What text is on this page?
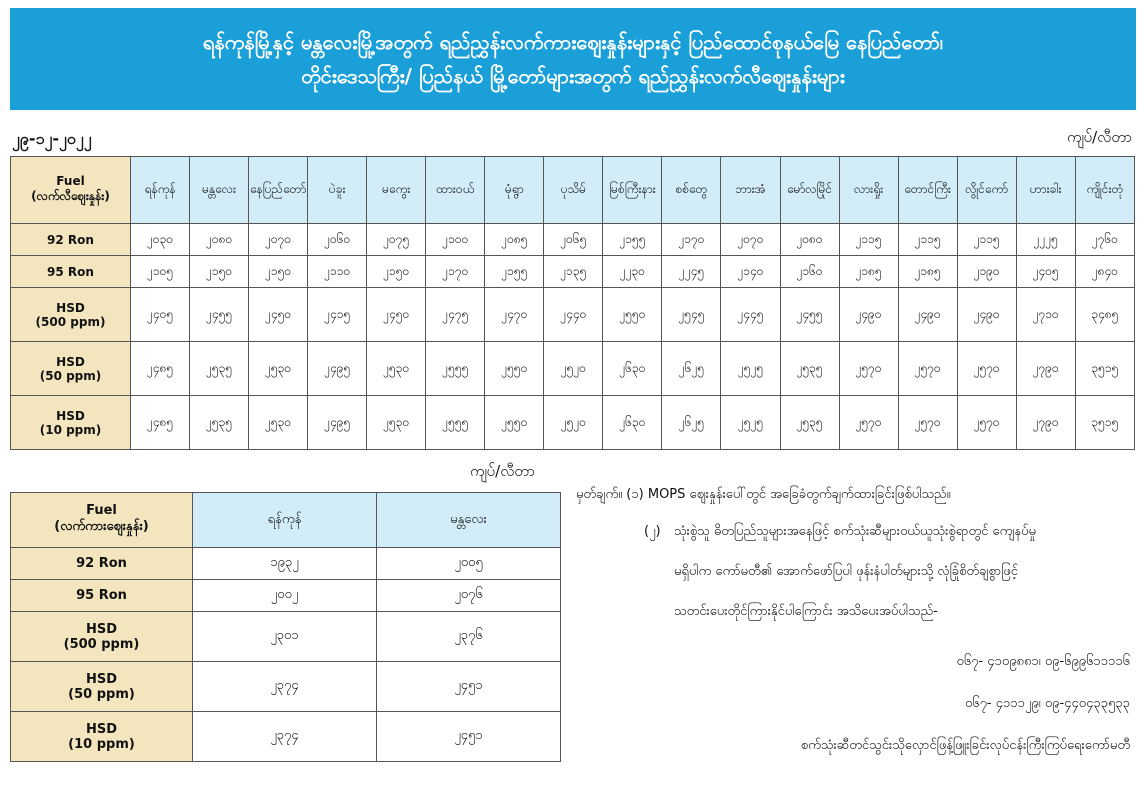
ရန်ကုန်မြို့နှင့် မန္တလေးမြို့အတွက် ရည်ညွှန်းလက်ကားဈေးနှုန်းများနှင့် ပြည်ထောင်စုနယ်မြေ နေပြည်တော်၊
တိုင်းဒေသကြီး/ ပြည်နယ် မြို့တော်များအတွက် ရည်ညွှန်းလက်လီဈေးနှုန်းများ
၂၉-၁၂-၂၀၂၂	ကျပ်/လီတာ
Fuel
(လက်လီဈေးနှုန်း)	ရန်ကုန်	မန္တလေး	နေပြည်တော်	ပဲခူး	မကွေး	ထားဝယ်	မုံရွာ	ပုသိမ်	မြစ်ကြီးနား	စစ်တွေ	ဘားအံ	မော်လမြိုင်	လားရှိုး	တောင်ကြီး	လွိုင်ကော်	ဟားခါး	ကျိုင်းတုံ

92 Ron	၂၀၃၀	၂၀၈၀	၂၀၇၀	၂၀၆၀	၂၀၇၅	၂၁၀၀	၂၀၈၅	၂၀၆၅	၂၁၅၅	၂၁၇၀	၂၀၇၀	၂၀၈၀	၂၁၁၅	၂၁၁၅	၂၁၁၅	၂၂၂၅	၂၇၆၀

95 Ron	၂၁၀၅	၂၁၅၀	၂၁၅၀	၂၁၁၀	၂၁၅၀	၂၁၇၀	၂၁၅၅	၂၁၃၅	၂၂၃၀	၂၂၄၅	၂၁၄၀	၂၁၆၀	၂၁၈၅	၂၁၈၅	၂၁၉၀	၂၄၀၅	၂၈၄၀

HSD
(500 ppm)	၂၄၀၅	၂၄၅၅	၂၄၅၀	၂၄၁၅	၂၄၅၀	၂၄၇၅	၂၄၇၀	၂၄၄၀	၂၅၅၀	၂၅၄၅	၂၄၄၅	၂၄၅၅	၂၄၉၀	၂၄၉၀	၂၄၉၀	၂၇၁၀	၃၄၈၅

HSD
(50 ppm)	၂၄၈၅	၂၅၃၅	၂၅၃၀	၂၄၉၅	၂၅၃၀	၂၅၅၅	၂၅၅၀	၂၅၂၀	၂၆၃၀	၂၆၂၅	၂၅၂၅	၂၅၃၅	၂၅၇၀	၂၅၇၀	၂၅၇၀	၂၇၉၀	၃၅၁၅

HSD
(10 ppm)	၂၄၈၅	၂၅၃၅	၂၅၃၀	၂၄၉၅	၂၅၃၀	၂၅၅၅	၂၅၅၀	၂၅၂၀	၂၆၃၀	၂၆၂၅	၂၅၂၅	၂၅၃၅	၂၅၇၀	၂၅၇၀	၂၅၇၀	၂၇၉၀	၃၅၁၅
ကျပ်/လီတာ
Fuel
(လက်ကားဈေးနှုန်း)	ရန်ကုန်	မန္တလေး

92 Ron	၁၉၃၂	၂၀၀၅

95 Ron	၂၀၀၂	၂၀၇၆

HSD
(500 ppm)	၂၃၀၁	၂၃၇၆

HSD
(50 ppm)	၂၃၇၄	၂၄၅၁

HSD
(10 ppm)	၂၃၇၄	၂၄၅၁
မှတ်ချက်။ (၁) MOPS ဈေးနှုန်းပေါ်တွင် အခြေခံတွက်ချက်ထားခြင်းဖြစ်ပါသည်။
(၂) သုံးစွဲသူ ဓိတပြည်သူများအနေဖြင့် စက်သုံးဆီများဝယ်ယူသုံးစွဲရာတွင် ကျေနပ်မှု
မရှိပါက ကော်မတီ၏ အောက်ဖော်ပြပါ ဖုန်းနံပါတ်များသို့ လုံခြုံစိတ်ချစွာဖြင့်
သတင်းပေးတိုင်ကြားနိုင်ပါကြောင်း အသိပေးအပ်ပါသည်-
၀၆၇- ၄၁၀၉၈၈၁၊ ၀၉-၆၉၉၆၁၁၁၁၆
၀၆၇- ၄၁၁၁၂၉၊ ၀၉-၄၄၀၄၃၃၅၃၃
စက်သုံးဆီတင်သွင်းသိုလှောင်ဖြန့်ဖြူးခြင်းလုပ်ငန်းကြီးကြပ်ရေးကော်မတီ
